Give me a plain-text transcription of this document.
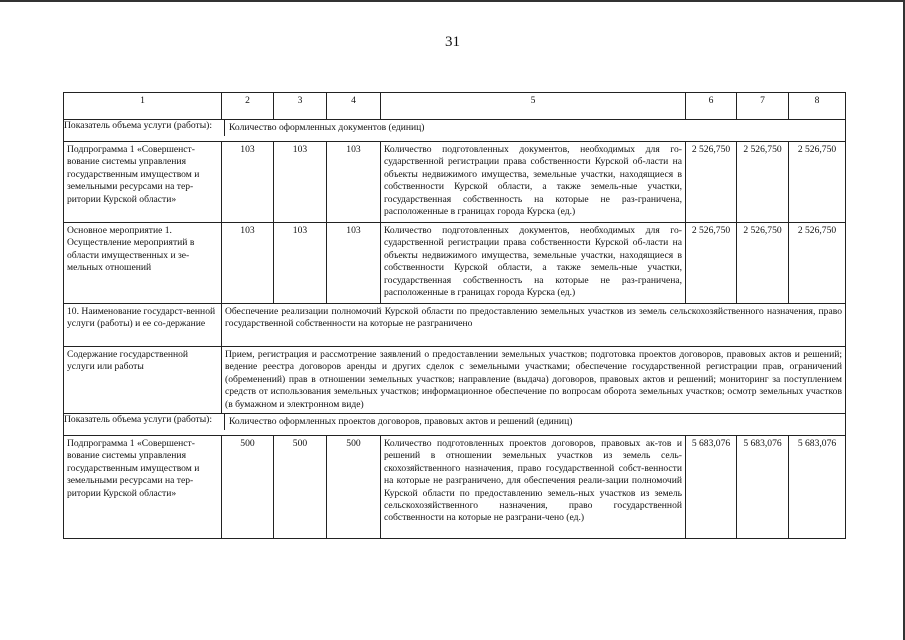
31
1	2	3	4	5	6	7	8

Показатель объема услуги (работы): Количество оформленных документов (единиц)							

Подпрограмма 1 «Совершенст-вование системы управления государственным имуществом и земельными ресурсами на тер-ритории Курской области»	103	103	103	Количество подготовленных документов, необходимых для го-сударственной регистрации права собственности Курской об-ласти на объекты недвижимого имущества, земельные участки, находящиеся в собственности Курской области, а также земель-ные участки, государственная собственность на которые не раз-граничена, расположенные в границах города Курска (ед.)	2 526,750	2 526,750	2 526,750
Основное мероприятие 1. Осуществление мероприятий в области имущественных и зе-мельных отношений	103	103	103	Количество подготовленных документов, необходимых для го-сударственной регистрации права собственности Курской об-ласти на объекты недвижимого имущества, земельные участки, находящиеся в собственности Курской области, а также земель-ные участки, государственная собственность на которые не раз-граничена, расположенные в границах города Курска (ед.)	2 526,750	2 526,750	2 526,750
10. Наименование государст-венной услуги (работы) и ее со-держание	Обеспечение реализации полномочий Курской области по предоставлению земельных участков из земель сельскохозяйственного назначения, право государственной собственности на которые не разграничено						
Содержание государственной услуги или работы	Прием, регистрация и рассмотрение заявлений о предоставлении земельных участков; подготовка проектов договоров, правовых актов и решений; ведение реестра договоров аренды и других сделок с земельными участками; обеспечение государственной регистрации прав, ограничений (обременений) прав в отношении земельных участков; направление (выдача) договоров, правовых актов и решений; мониторинг за поступлением средств от использования земельных участков; информационное обеспечение по вопросам оборота земельных участков; осмотр земельных участков (в бумажном и электронном виде)						

Показатель объема услуги (работы): Количество оформленных проектов договоров, правовых актов и решений (единиц)							

Подпрограмма 1 «Совершенст-вование системы управления государственным имуществом и земельными ресурсами на тер-ритории Курской области»	500	500	500	Количество подготовленных проектов договоров, правовых ак-тов и решений в отношении земельных участков из земель сель-скохозяйственного назначения, право государственной собст-венности на которые не разграничено, для обеспечения реали-зации полномочий Курской области по предоставлению земель-ных участков из земель сельскохозяйственного назначения, право государственной собственности на которые не разграни-чено (ед.)	5 683,076	5 683,076	5 683,076
